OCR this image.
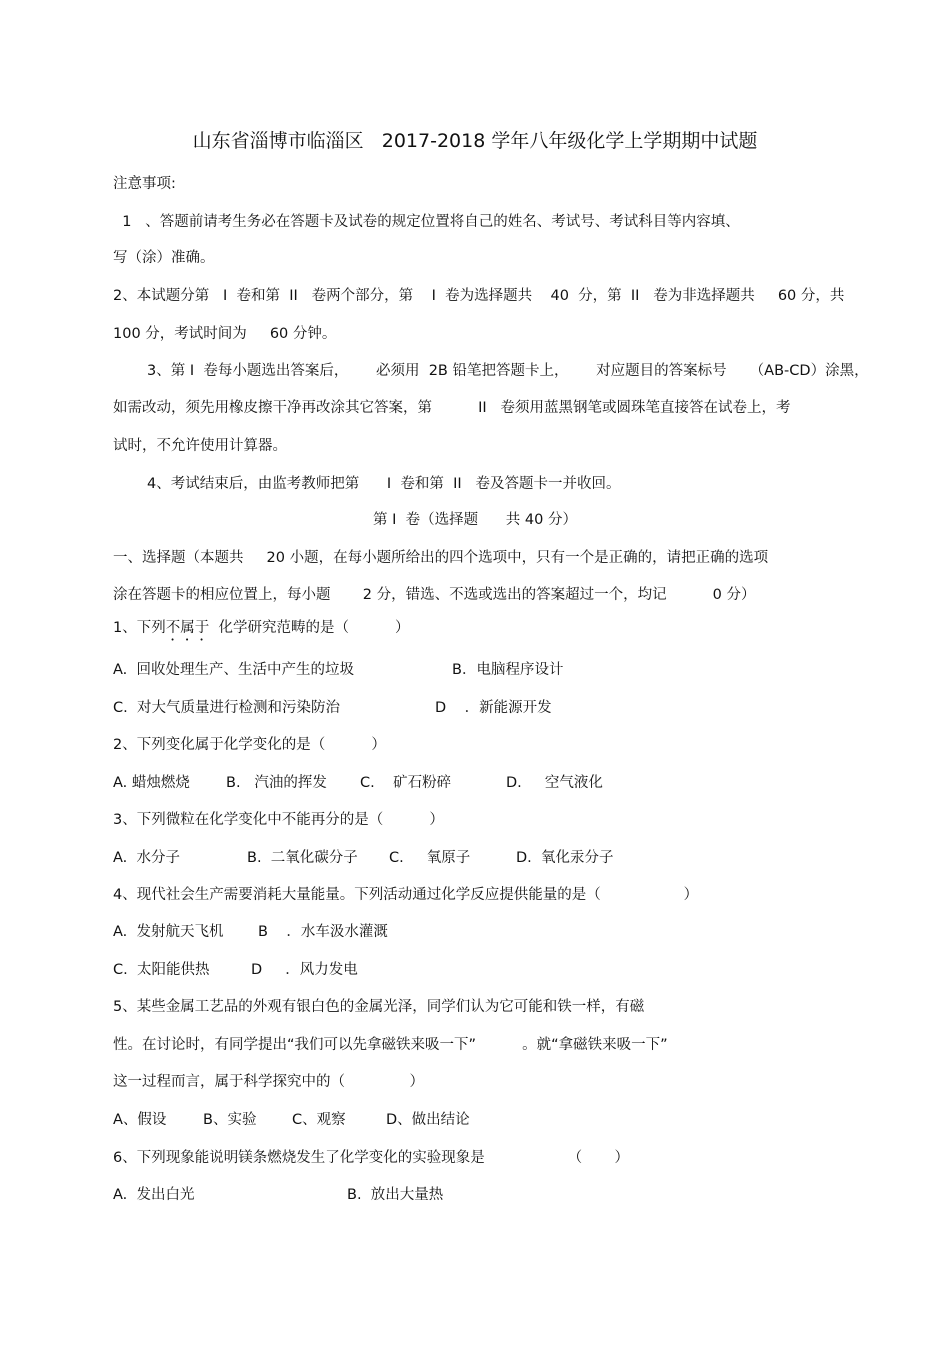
山东省淄博市临淄区   2017-2018 学年八年级化学上学期期中试题
注意事项:
1   、答题前请考生务必在答题卡及试卷的规定位置将自己的姓名、考试号、考试科目等内容填、
写（涂）准确。
2、本试题分第   I  卷和第  II   卷两个部分，第    I  卷为选择题共    40  分，第  II   卷为非选择题共     60 分，共
100 分，考试时间为     60 分钟。
3、第 I  卷每小题选出答案后，      必须用  2B 铅笔把答题卡上，      对应题目的答案标号     （AB-CD）涂黑，
如需改动，须先用橡皮擦干净再改涂其它答案，第          II   卷须用蓝黑钢笔或圆珠笔直接答在试卷上，考
试时，不允许使用计算器。
4、考试结束后，由监考教师把第      I  卷和第  II   卷及答题卡一并收回。
第 I  卷（选择题      共 40 分）
一、选择题（本题共     20 小题，在每小题所给出的四个选项中，只有一个是正确的，请把正确的选项
涂在答题卡的相应位置上，每小题       2 分，错选、不选或选出的答案超过一个，均记          0 分）
1、下列不属于  化学研究范畴的是（          ）
A.  回收处理生产、生活中产生的垃圾	B．电脑程序设计
C.  对大气质量进行检测和污染防治	D    ．新能源开发
2、下列变化属于化学变化的是（          ）
A. 蜡烛燃烧 B.   汽油的挥发 C.    矿石粉碎	D.     空气液化
3、下列微粒在化学变化中不能再分的是（          ）
A.  水分子	B.  二氧化碳分子 C.     氧原子	D.  氧化汞分子
4、现代社会生产需要消耗大量能量。下列活动通过化学反应提供能量的是（                  ）
A.  发射航天飞机 B    ．水车汲水灌溉
C.  太阳能供热	D     ．风力发电
5、某些金属工艺品的外观有银白色的金属光泽，同学们认为它可能和铁一样，有磁
性。在讨论时，有同学提出“我们可以先拿磁铁来吸一下”          。就“拿磁铁来吸一下”
这一过程而言，属于科学探究中的（              ）
A、假设	B、实验 C、观察	D、做出结论
6、下列现象能说明镁条燃烧发生了化学变化的实验现象是                  （       ）
A.  发出白光	B.  放出大量热
